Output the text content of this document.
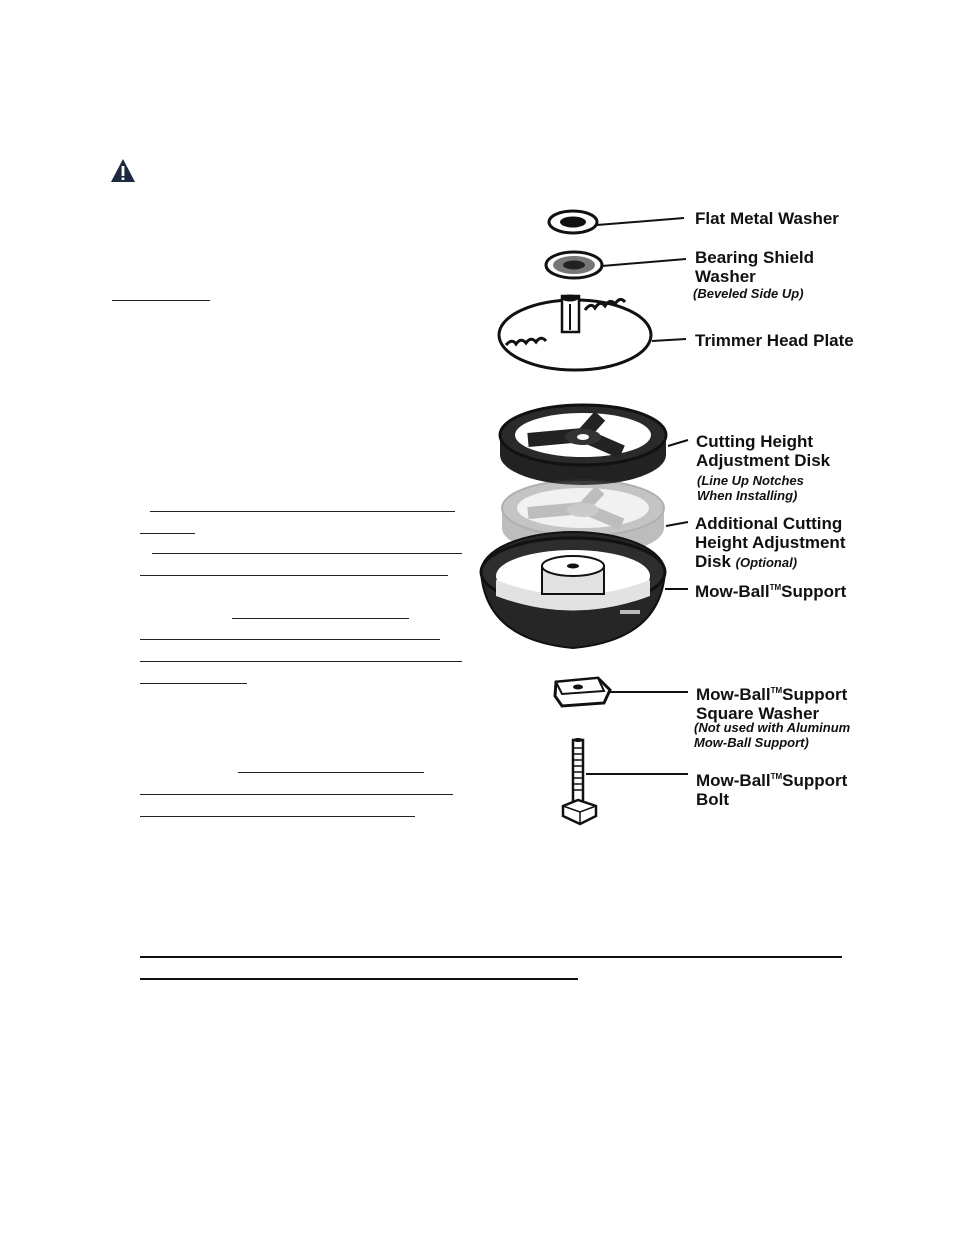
Flat Metal Washer
Bearing Shield
Washer
(Beveled Side Up)
Trimmer Head Plate
Cutting Height
Adjustment Disk
(Line Up Notches
When Installing)
Additional Cutting
Height Adjustment
Disk (Optional)
Mow-Ball™Support
Mow-Ball™Support
Square Washer
(Not used with Aluminum
Mow-Ball Support)
Mow-Ball™Support
Bolt
